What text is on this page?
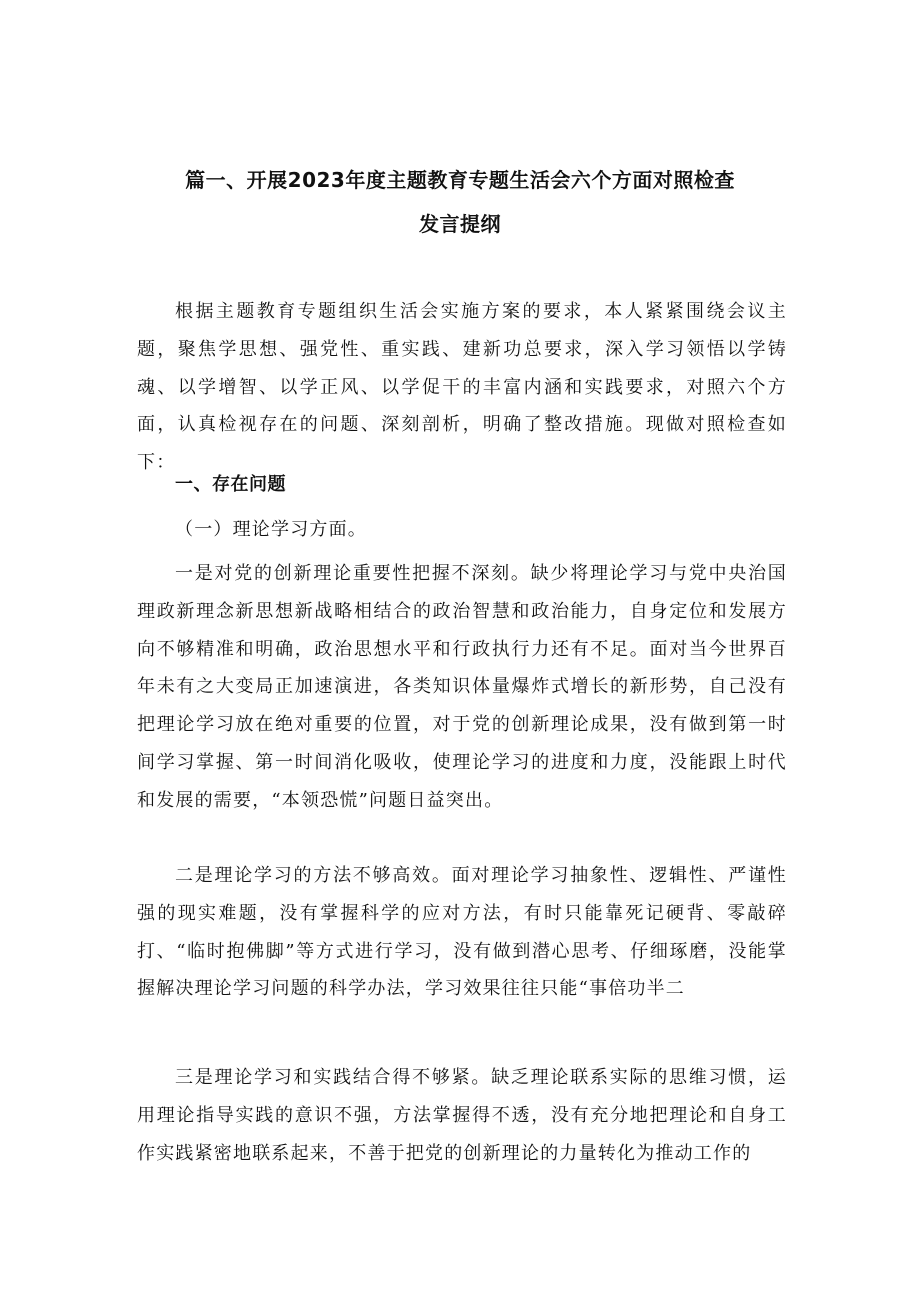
篇一、开展2023年度主题教育专题生活会六个方面对照检查
发言提纲

根据主题教育专题组织生活会实施方案的要求，本人紧紧围绕会议主题，聚焦学思想、强党性、重实践、建新功总要求，深入学习领悟以学铸魂、以学增智、以学正风、以学促干的丰富内涵和实践要求，对照六个方面，认真检视存在的问题、深刻剖析，明确了整改措施。现做对照检查如下：

一、存在问题

（一）理论学习方面。

一是对党的创新理论重要性把握不深刻。缺少将理论学习与党中央治国理政新理念新思想新战略相结合的政治智慧和政治能力，自身定位和发展方向不够精准和明确，政治思想水平和行政执行力还有不足。面对当今世界百年未有之大变局正加速演进，各类知识体量爆炸式增长的新形势，自己没有把理论学习放在绝对重要的位置，对于党的创新理论成果，没有做到第一时间学习掌握、第一时间消化吸收，使理论学习的进度和力度，没能跟上时代和发展的需要，“本领恐慌”问题日益突出。

二是理论学习的方法不够高效。面对理论学习抽象性、逻辑性、严谨性强的现实难题，没有掌握科学的应对方法，有时只能靠死记硬背、零敲碎打、“临时抱佛脚”等方式进行学习，没有做到潜心思考、仔细琢磨，没能掌握解决理论学习问题的科学办法，学习效果往往只能“事倍功半二

三是理论学习和实践结合得不够紧。缺乏理论联系实际的思维习惯，运用理论指导实践的意识不强，方法掌握得不透，没有充分地把理论和自身工作实践紧密地联系起来，不善于把党的创新理论的力量转化为推动工作的
